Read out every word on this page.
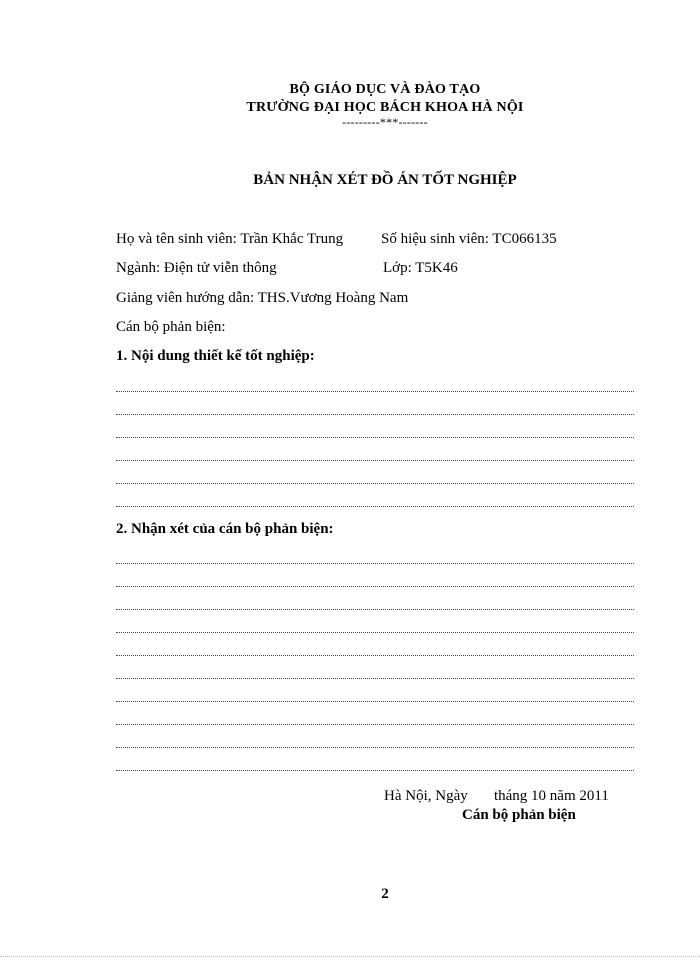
BỘ GIÁO DỤC VÀ ĐÀO TẠO
TRƯỜNG ĐẠI HỌC BÁCH KHOA HÀ NỘI
---------***-------
BẢN NHẬN XÉT ĐỒ ÁN TỐT NGHIỆP
Họ và tên sinh viên: Trần Khắc Trung	Số hiệu sinh viên: TC066135
Ngành: Điện tử viễn thông	Lớp: T5K46
Giảng viên hướng dẫn: THS.Vương Hoàng Nam
Cán bộ phản biện:
1. Nội dung thiết kế tốt nghiệp:
2. Nhận xét của cán bộ phản biện:
Hà Nội, Ngày       tháng 10 năm 2011
Cán bộ phản biện
2
